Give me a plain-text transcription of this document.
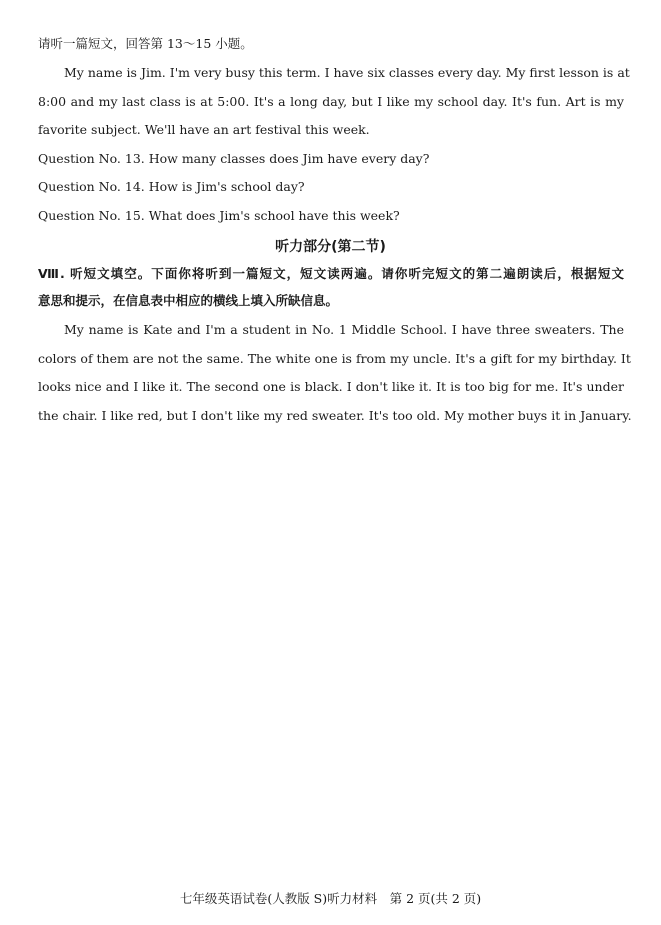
请听一篇短文，回答第 13～15 小题。
My name is Jim. I'm very busy this term. I have six classes every day. My first lesson is at
8:00 and my last class is at 5:00. It's a long day, but I like my school day. It's fun. Art is my
favorite subject. We'll have an art festival this week.
Question No. 13. How many classes does Jim have every day?
Question No. 14. How is Jim's school day?
Question No. 15. What does Jim's school have this week?
听力部分(第二节)
Ⅷ. 听短文填空。下面你将听到一篇短文，短文读两遍。请你听完短文的第二遍朗读后，根据短文
意思和提示，在信息表中相应的横线上填入所缺信息。
My name is Kate and I'm a student in No. 1 Middle School. I have three sweaters. The
colors of them are not the same. The white one is from my uncle. It's a gift for my birthday. It
looks nice and I like it. The second one is black. I don't like it. It is too big for me. It's under
the chair. I like red, but I don't like my red sweater. It's too old. My mother buys it in January.
七年级英语试卷(人教版 S)听力材料　第 2 页(共 2 页)
